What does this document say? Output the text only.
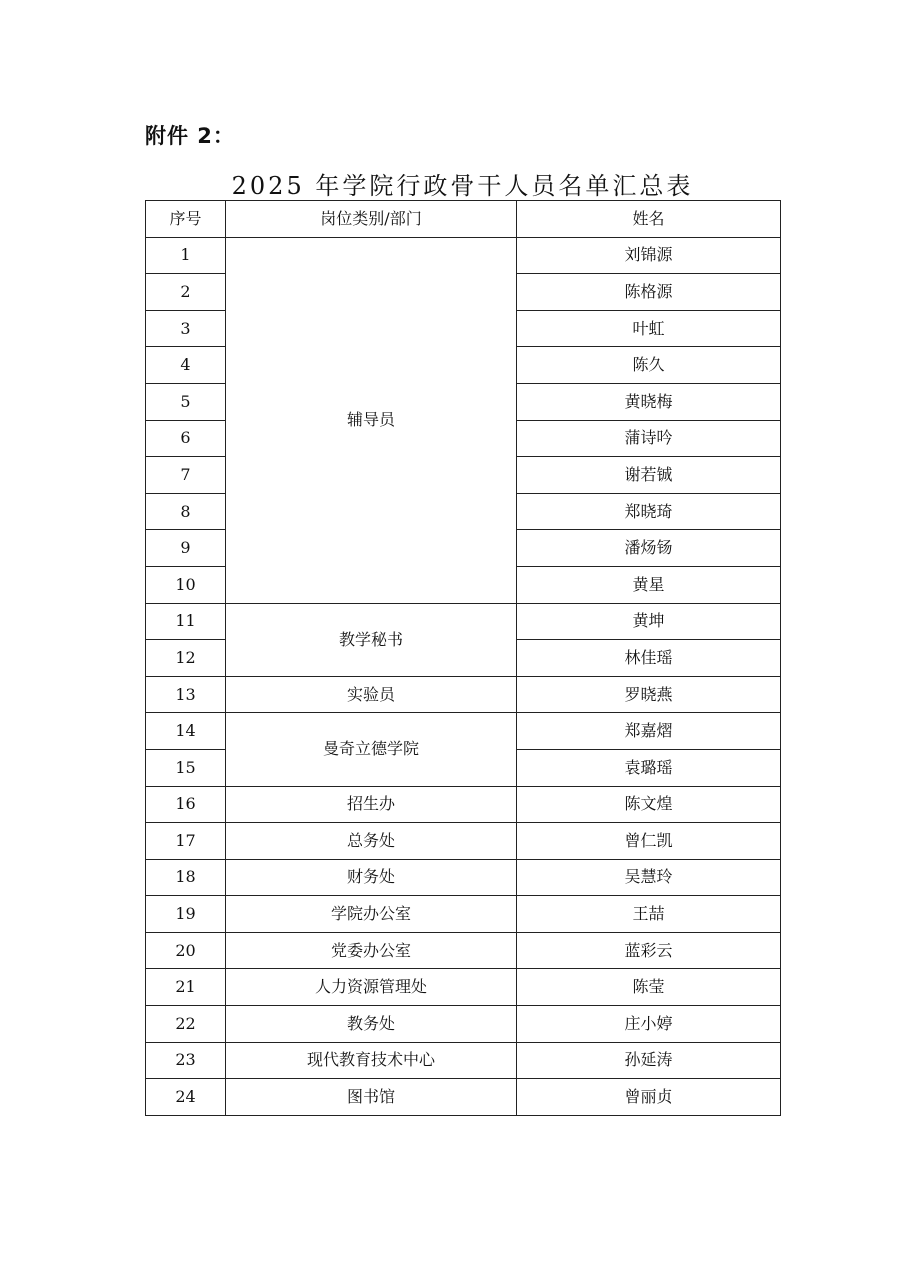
附件 2：
2025 年学院行政骨干人员名单汇总表
序号	岗位类别/部门	姓名
1	辅导员	刘锦源
2		陈格源
3		叶虹
4		陈久
5		黄晓梅
6		蒲诗吟
7		谢若铖
8		郑晓琦
9		潘炀钖
10		黄星
11	教学秘书	黄坤
12		林佳瑶
13	实验员	罗晓燕
14	曼奇立德学院	郑嘉熠
15		袁璐瑶
16	招生办	陈文煌
17	总务处	曾仁凯
18	财务处	吴慧玲
19	学院办公室	王喆
20	党委办公室	蓝彩云
21	人力资源管理处	陈莹
22	教务处	庄小婷
23	现代教育技术中心	孙延涛
24	图书馆	曾丽贞
